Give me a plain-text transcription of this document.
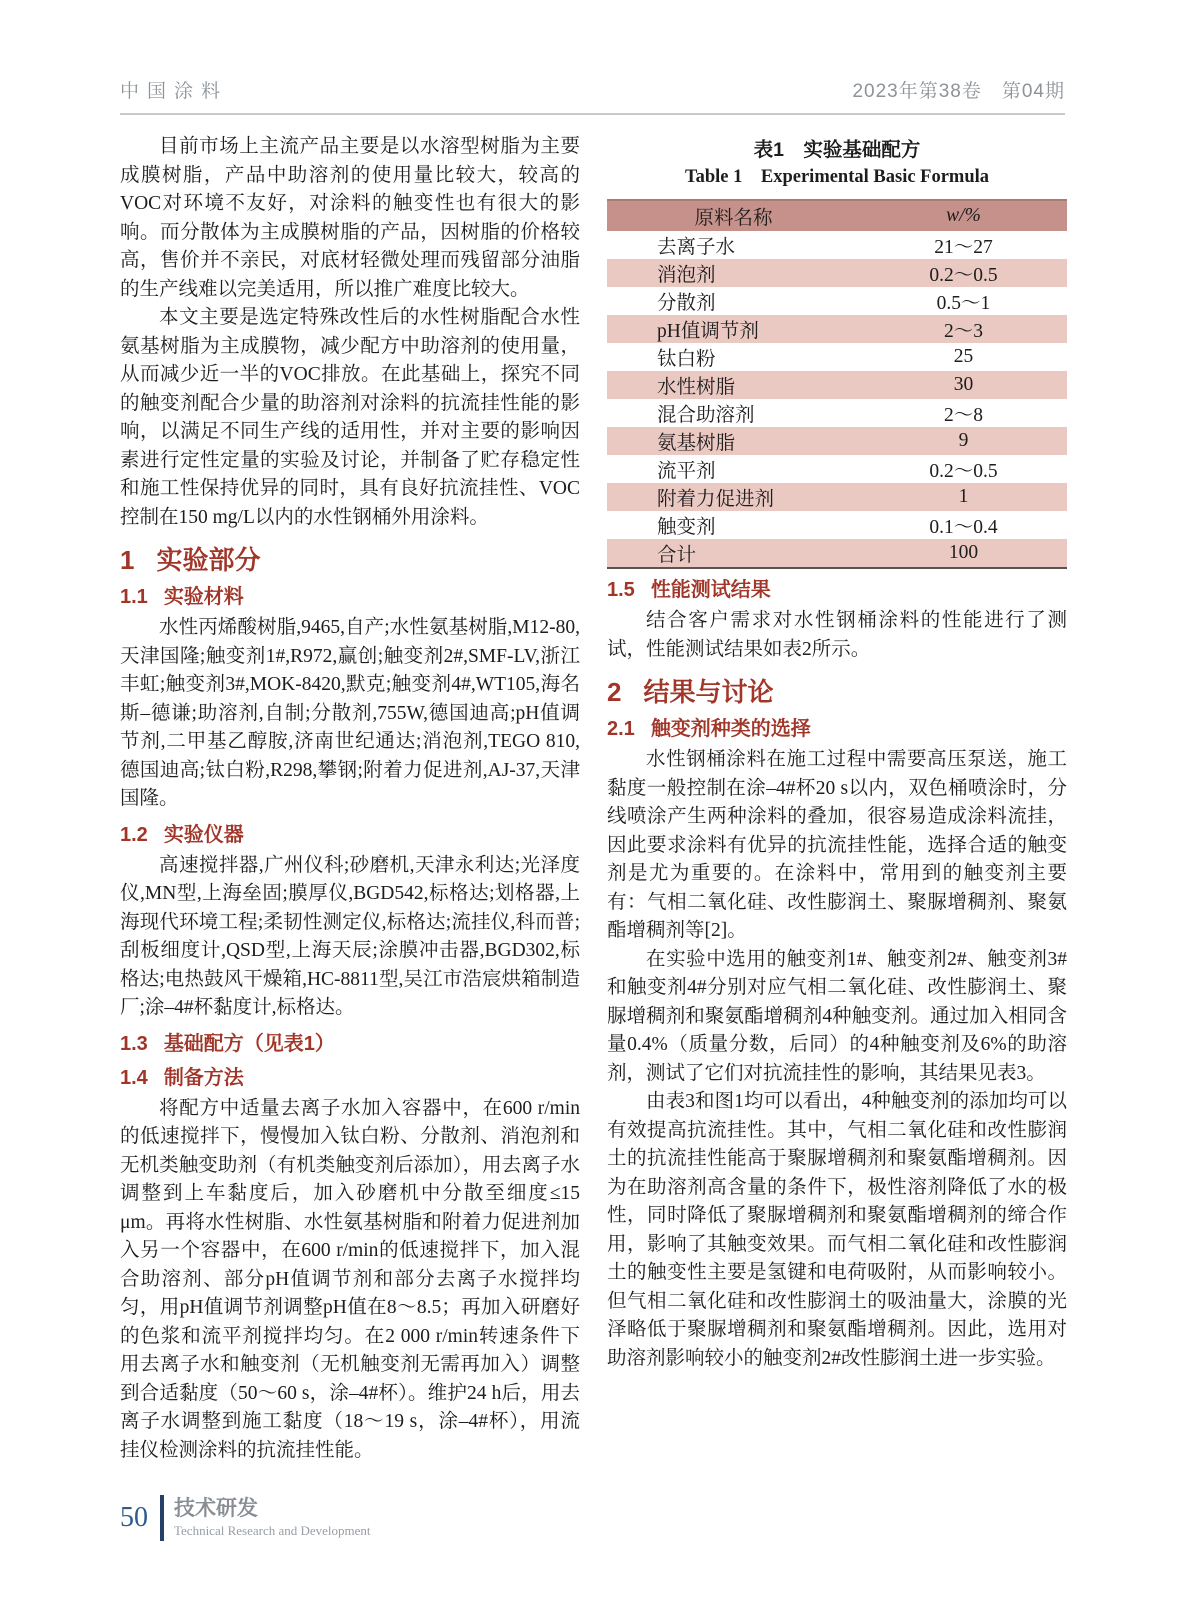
中国涂料	2023年第38卷　第04期

目前市场上主流产品主要是以水溶型树脂为主要成膜树脂，产品中助溶剂的使用量比较大，较高的VOC对环境不友好，对涂料的触变性也有很大的影响。而分散体为主成膜树脂的产品，因树脂的价格较高，售价并不亲民，对底材轻微处理而残留部分油脂的生产线难以完美适用，所以推广难度比较大。

本文主要是选定特殊改性后的水性树脂配合水性氨基树脂为主成膜物，减少配方中助溶剂的使用量，从而减少近一半的VOC排放。在此基础上，探究不同的触变剂配合少量的助溶剂对涂料的抗流挂性能的影响，以满足不同生产线的适用性，并对主要的影响因素进行定性定量的实验及讨论，并制备了贮存稳定性和施工性保持优异的同时，具有良好抗流挂性、VOC控制在150 mg/L以内的水性钢桶外用涂料。

1 实验部分
1.1 实验材料

水性丙烯酸树脂,9465,自产;水性氨基树脂,M12-80,天津国隆;触变剂1#,R972,赢创;触变剂2#,SMF-LV,浙江丰虹;触变剂3#,MOK-8420,默克;触变剂4#,WT105,海名斯–德谦;助溶剂,自制;分散剂,755W,德国迪高;pH值调节剂,二甲基乙醇胺,济南世纪通达;消泡剂,TEGO 810,德国迪高;钛白粉,R298,攀钢;附着力促进剂,AJ-37,天津国隆。

1.2 实验仪器

高速搅拌器,广州仪科;砂磨机,天津永利达;光泽度仪,MN型,上海垒固;膜厚仪,BGD542,标格达;划格器,上海现代环境工程;柔韧性测定仪,标格达;流挂仪,科而普;刮板细度计,QSD型,上海天辰;涂膜冲击器,BGD302,标格达;电热鼓风干燥箱,HC-8811型,吴江市浩宸烘箱制造厂;涂–4#杯黏度计,标格达。

1.3 基础配方（见表1）
1.4 制备方法

将配方中适量去离子水加入容器中，在600 r/min的低速搅拌下，慢慢加入钛白粉、分散剂、消泡剂和无机类触变助剂（有机类触变剂后添加），用去离子水调整到上车黏度后，加入砂磨机中分散至细度≤15 μm。再将水性树脂、水性氨基树脂和附着力促进剂加入另一个容器中，在600 r/min的低速搅拌下，加入混合助溶剂、部分pH值调节剂和部分去离子水搅拌均匀，用pH值调节剂调整pH值在8～8.5；再加入研磨好的色浆和流平剂搅拌均匀。在2 000 r/min转速条件下用去离子水和触变剂（无机触变剂无需再加入）调整到合适黏度（50～60 s，涂–4#杯）。维护24 h后，用去离子水调整到施工黏度（18～19 s，涂–4#杯），用流挂仪检测涂料的抗流挂性能。

表1　实验基础配方

Table 1　Experimental Basic Formula

原料名称	w/%
去离子水	21～27
消泡剂	0.2～0.5
分散剂	0.5～1
pH值调节剂	2～3
钛白粉	25
水性树脂	30
混合助溶剂	2～8
氨基树脂	9
流平剂	0.2～0.5
附着力促进剂	1
触变剂	0.1～0.4
合计	100
1.5 性能测试结果

结合客户需求对水性钢桶涂料的性能进行了测试，性能测试结果如表2所示。

2 结果与讨论
2.1 触变剂种类的选择

水性钢桶涂料在施工过程中需要高压泵送，施工黏度一般控制在涂–4#杯20 s以内，双色桶喷涂时，分线喷涂产生两种涂料的叠加，很容易造成涂料流挂，因此要求涂料有优异的抗流挂性能，选择合适的触变剂是尤为重要的。在涂料中，常用到的触变剂主要有：气相二氧化硅、改性膨润土、聚脲增稠剂、聚氨酯增稠剂等[2]。

在实验中选用的触变剂1#、触变剂2#、触变剂3#和触变剂4#分别对应气相二氧化硅、改性膨润土、聚脲增稠剂和聚氨酯增稠剂4种触变剂。通过加入相同含量0.4%（质量分数，后同）的4种触变剂及6%的助溶剂，测试了它们对抗流挂性的影响，其结果见表3。

由表3和图1均可以看出，4种触变剂的添加均可以有效提高抗流挂性。其中，气相二氧化硅和改性膨润土的抗流挂性能高于聚脲增稠剂和聚氨酯增稠剂。因为在助溶剂高含量的条件下，极性溶剂降低了水的极性，同时降低了聚脲增稠剂和聚氨酯增稠剂的缔合作用，影响了其触变效果。而气相二氧化硅和改性膨润土的触变性主要是氢键和电荷吸附，从而影响较小。但气相二氧化硅和改性膨润土的吸油量大，涂膜的光泽略低于聚脲增稠剂和聚氨酯增稠剂。因此，选用对助溶剂影响较小的触变剂2#改性膨润土进一步实验。

50 技术研发
Technical Research and Development
